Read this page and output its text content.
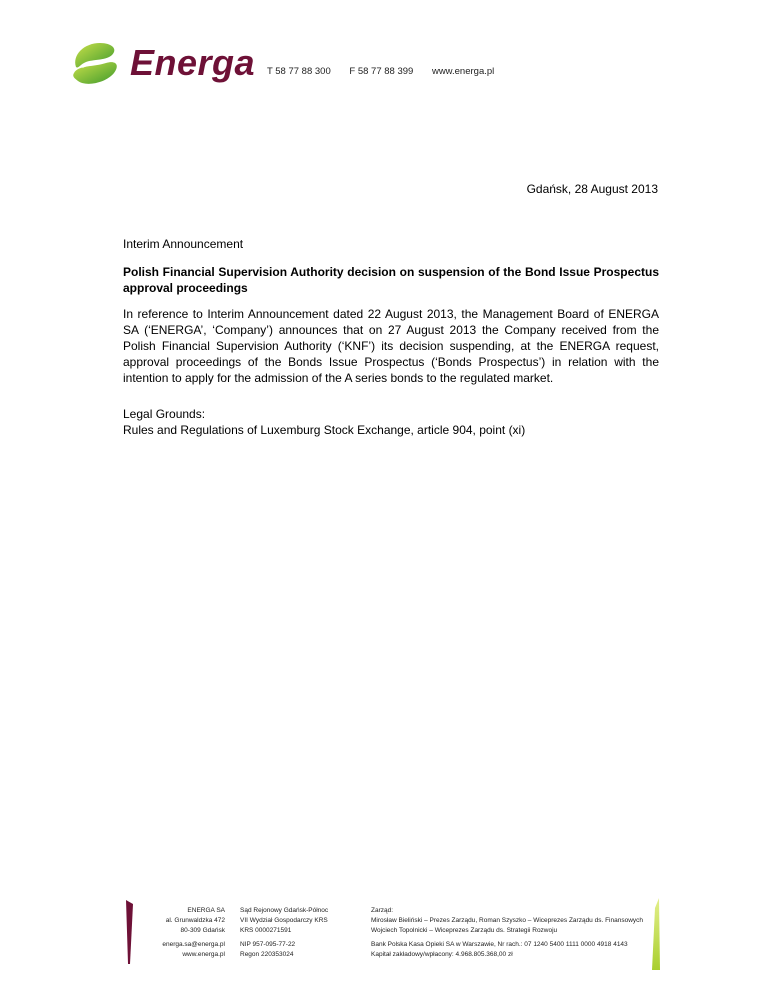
Energa T 58 77 88 300 F 58 77 88 399 www.energa.pl
Gdańsk, 28 August 2013
Interim Announcement
Polish Financial Supervision Authority decision on suspension of the Bond Issue Prospectus approval proceedings
In reference to Interim Announcement dated 22 August 2013, the Management Board of ENERGA SA (‘ENERGA’, ‘Company’) announces that on 27 August 2013 the Company received from the Polish Financial Supervision Authority (‘KNF’) its decision suspending, at the ENERGA request, approval proceedings of the Bonds Issue Prospectus (‘Bonds Prospectus’) in relation with the intention to apply for the admission of the A series bonds to the regulated market.
Legal Grounds:
Rules and Regulations of Luxemburg Stock Exchange, article 904, point (xi)
ENERGA SA
al. Grunwaldzka 472
80-309 Gdańsk
energa.sa@energa.pl
www.energa.pl
Sąd Rejonowy Gdańsk-Północ
VII Wydział Gospodarczy KRS
KRS 0000271591
NIP 957-095-77-22
Regon 220353024
Zarząd:
Mirosław Bieliński – Prezes Zarządu, Roman Szyszko – Wiceprezes Zarządu ds. Finansowych
Wojciech Topolnicki – Wiceprezes Zarządu ds. Strategii Rozwoju
Bank Polska Kasa Opieki SA w Warszawie, Nr rach.: 07 1240 5400 1111 0000 4918 4143
Kapitał zakładowy/wpłacony: 4.968.805.368,00 zł
